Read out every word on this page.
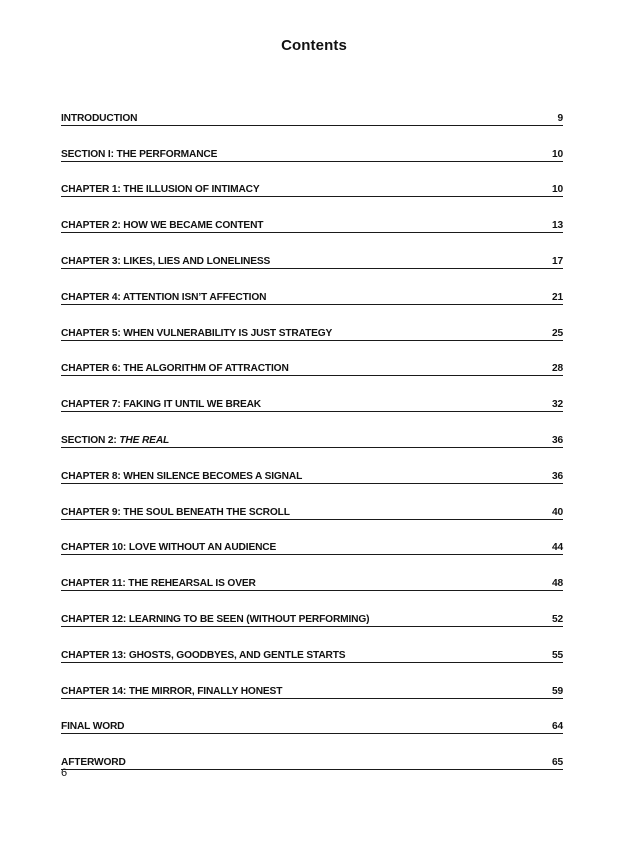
Contents
INTRODUCTION	9
SECTION I: THE PERFORMANCE	10
CHAPTER 1: THE ILLUSION OF INTIMACY	10
CHAPTER 2: HOW WE BECAME CONTENT	13
CHAPTER 3: LIKES, LIES AND LONELINESS	17
CHAPTER 4: ATTENTION ISN’T AFFECTION	21
CHAPTER 5: WHEN VULNERABILITY IS JUST STRATEGY	25
CHAPTER 6: THE ALGORITHM OF ATTRACTION	28
CHAPTER 7: FAKING IT UNTIL WE BREAK	32
SECTION 2: THE REAL	36
CHAPTER 8: WHEN SILENCE BECOMES A SIGNAL	36
CHAPTER 9: THE SOUL BENEATH THE SCROLL	40
CHAPTER 10: LOVE WITHOUT AN AUDIENCE	44
CHAPTER 11: THE REHEARSAL IS OVER	48
CHAPTER 12: LEARNING TO BE SEEN (WITHOUT PERFORMING)	52
CHAPTER 13: GHOSTS, GOODBYES, AND GENTLE STARTS	55
CHAPTER 14: THE MIRROR, FINALLY HONEST	59
FINAL WORD	64
AFTERWORD	65
6
